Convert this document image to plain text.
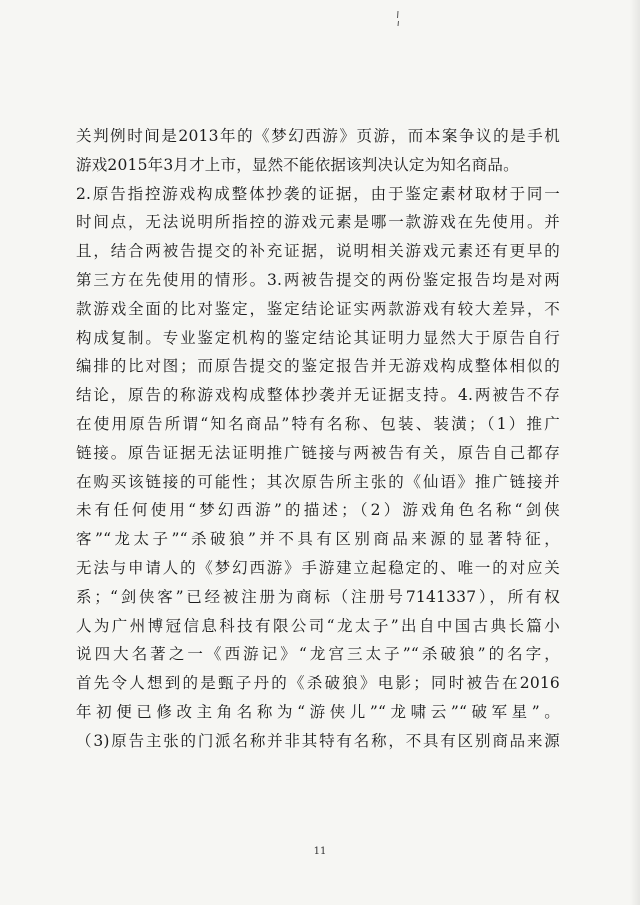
关判例时间是2013年的《梦幻西游》页游，而本案争议的是手机
游戏2015年3月才上市，显然不能依据该判决认定为知名商品。
2.原告指控游戏构成整体抄袭的证据，由于鉴定素材取材于同一
时间点，无法说明所指控的游戏元素是哪一款游戏在先使用。并
且，结合两被告提交的补充证据，说明相关游戏元素还有更早的
第三方在先使用的情形。3.两被告提交的两份鉴定报告均是对两
款游戏全面的比对鉴定，鉴定结论证实两款游戏有较大差异，不
构成复制。专业鉴定机构的鉴定结论其证明力显然大于原告自行
编排的比对图；而原告提交的鉴定报告并无游戏构成整体相似的
结论，原告的称游戏构成整体抄袭并无证据支持。4.两被告不存
在使用原告所谓“知名商品”特有名称、包装、装潢；（1）推广
链接。原告证据无法证明推广链接与两被告有关，原告自己都存
在购买该链接的可能性；其次原告所主张的《仙语》推广链接并
未有任何使用“梦幻西游”的描述；（2）游戏角色名称“剑侠
客”“龙太子”“杀破狼”并不具有区别商品来源的显著特征，
无法与申请人的《梦幻西游》手游建立起稳定的、唯一的对应关
系；“剑侠客”已经被注册为商标（注册号7141337），所有权
人为广州博冠信息科技有限公司“龙太子”出自中国古典长篇小
说四大名著之一《西游记》“龙宫三太子”“杀破狼”的名字，
首先令人想到的是甄子丹的《杀破狼》电影；同时被告在2016
年初便已修改主角名称为“游侠儿”“龙啸云”“破军星”。
（3)原告主张的门派名称并非其特有名称，不具有区别商品来源
11
